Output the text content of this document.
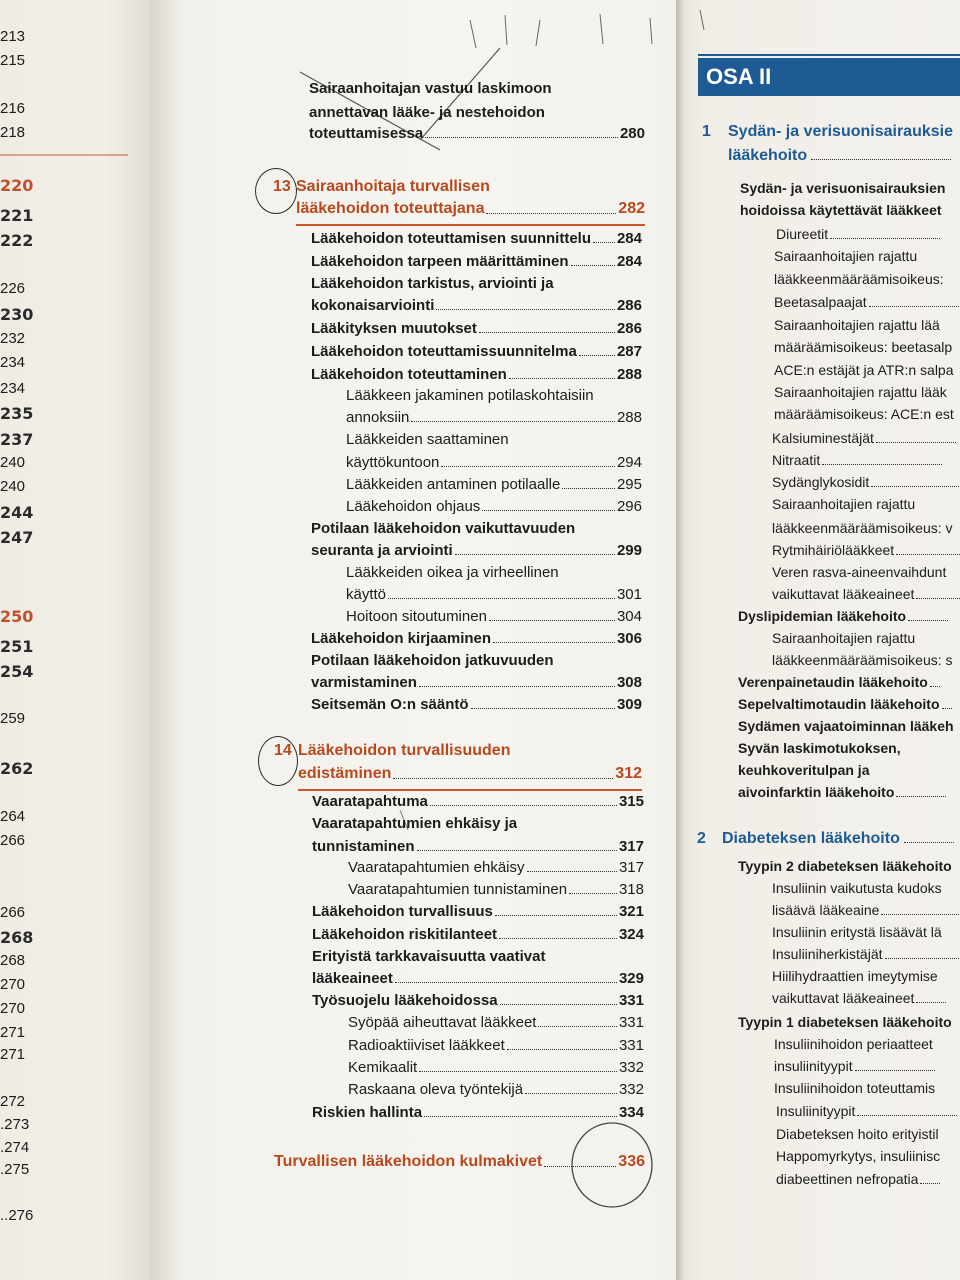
OSA II
213
215
216
218
220
221
222
226
230
232
234
234
235
237
240
240
244
247
250
251
254
259
262
264
266
266
268
268
270
270
271
271
272
.273
.274
.275
..276
Sairaanhoitajan vastuu laskimoon
annettavan lääke- ja nestehoidon
toteuttamisessa	280
13 Sairaanhoitaja turvallisen
lääkehoidon toteuttajana	282
Lääkehoidon toteuttamisen suunnittelu 284
Lääkehoidon tarpeen määrittäminen	284
Lääkehoidon tarkistus, arviointi ja
kokonaisarviointi	286
Lääkityksen muutokset	286
Lääkehoidon toteuttamissuunnitelma	287
Lääkehoidon toteuttaminen	288
Lääkkeen jakaminen potilaskohtaisiin
annoksiin	288
Lääkkeiden saattaminen
käyttökuntoon	294
Lääkkeiden antaminen potilaalle	295
Lääkehoidon ohjaus	296
Potilaan lääkehoidon vaikuttavuuden
seuranta ja arviointi	299
Lääkkeiden oikea ja virheellinen
käyttö	301
Hoitoon sitoutuminen	304
Lääkehoidon kirjaaminen	306
Potilaan lääkehoidon jatkuvuuden
varmistaminen	308
Seitsemän O:n sääntö	309
14 Lääkehoidon turvallisuuden
edistäminen	312
Vaaratapahtuma	315
Vaaratapahtumien ehkäisy ja
tunnistaminen	317
Vaaratapahtumien ehkäisy	317
Vaaratapahtumien tunnistaminen	318
Lääkehoidon turvallisuus	321
Lääkehoidon riskitilanteet	324
Erityistä tarkkavaisuutta vaativat
lääkeaineet	329
Työsuojelu lääkehoidossa	331
Syöpää aiheuttavat lääkkeet	331
Radioaktiiviset lääkkeet	331
Kemikaalit	332
Raskaana oleva työntekijä	332
Riskien hallinta	334
Turvallisen lääkehoidon kulmakivet	336
1 Sydän- ja verisuonisairauksie
lääkehoito
Sydän- ja verisuonisairauksien
hoidoissa käytettävät lääkkeet
Diureetit
Sairaanhoitajien rajattu
lääkkeenmääräämisoikeus:
Beetasalpaajat
Sairaanhoitajien rajattu lää
määräämisoikeus: beetasalp
ACE:n estäjät ja ATR:n salpa
Sairaanhoitajien rajattu lääk
määräämisoikeus: ACE:n est
Kalsiuminestäjät
Nitraatit
Sydänglykosidit
Sairaanhoitajien rajattu
lääkkeenmääräämisoikeus: v
Rytmihäiriölääkkeet
Veren rasva-aineenvaihdunt
vaikuttavat lääkeaineet
Dyslipidemian lääkehoito
Sairaanhoitajien rajattu
lääkkeenmääräämisoikeus: s
Verenpainetaudin lääkehoito
Sepelvaltimotaudin lääkehoito
Sydämen vajaatoiminnan lääkeh
Syvän laskimotukoksen,
keuhkoveritulpan ja
aivoinfarktin lääkehoito
2 Diabeteksen lääkehoito
Tyypin 2 diabeteksen lääkehoito
Insuliinin vaikutusta kudoks
lisäävä lääkeaine
Insuliinin eritystä lisäävät lä
Insuliiniherkistäjät
Hiilihydraattien imeytymise
vaikuttavat lääkeaineet
Tyypin 1 diabeteksen lääkehoito
Insuliinihoidon periaatteet
insuliinityypit
Insuliinihoidon toteuttamis
Insuliinityypit
Diabeteksen hoito erityistil
Happomyrkytys, insuliinisc
diabeettinen nefropatia
